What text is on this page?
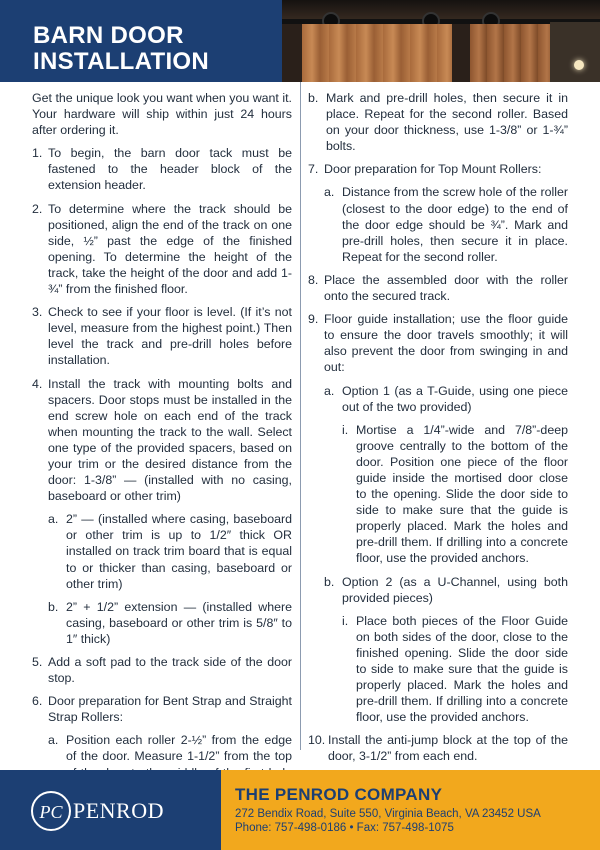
BARN DOOR
INSTALLATION

Get the unique look you want when you want it. Your hardware will ship within just 24 hours after ordering it.

1. To begin, the barn door tack must be fastened to the header block of the extension header.

2. To determine where the track should be positioned, align the end of the track on one side, ½” past the edge of the finished opening. To determine the height of the track, take the height of the door and add 1-¾” from the finished floor.

3. Check to see if your floor is level. (If it’s not level, measure from the highest point.) Then level the track and pre-drill holes before installation.

4. Install the track with mounting bolts and spacers. Door stops must be installed in the end screw hole on each end of the track when mounting the track to the wall. Select one type of the provided spacers, based on your trim or the desired distance from the door: 1-3/8” — (installed with no casing, baseboard or other trim)

a. 2” — (installed where casing, baseboard or other trim is up to 1/2″ thick OR installed on track trim board that is equal to or thicker than casing, baseboard or other trim)

b. 2” + 1/2” extension — (installed where casing, baseboard or other trim is 5/8″ to 1″ thick)

5. Add a soft pad to the track side of the door stop.

6. Door preparation for Bent Strap and Straight Strap Rollers:

a. Position each roller 2-½” from the edge of the door. Measure 1-1/2” from the top

b. Mark and pre-drill holes, then secure it in place. Repeat for the second roller. Based on your door thickness, use 1-3/8” or 1-¾” bolts.

7. Door preparation for Top Mount Rollers:

a. Distance from the screw hole of the roller (closest to the door edge) to the end of the door edge should be ¾”. Mark and pre-drill holes, then secure it in place. Repeat for the second roller.

8. Place the assembled door with the roller onto the secured track.

9. Floor guide installation; use the floor guide to ensure the door travels smoothly; it will also prevent the door from swinging in and out:

a. Option 1 (as a T-Guide, using one piece out of the two provided)

i. Mortise a 1/4”-wide and 7/8”-deep groove centrally to the bottom of the door. Position one piece of the floor guide inside the mortised door close to the opening. Slide the door side to side to make sure that the guide is properly placed. Mark the holes and pre-drill them. If drilling into a concrete floor, use the provided anchors.

b. Option 2 (as a U-Channel, using both provided pieces)

i. Place both pieces of the Floor Guide on both sides of the door, close to the finished opening. Slide the door side to side to make sure that the guide is properly placed. Mark the holes and pre-drill them. If drilling into a concrete floor, use the provided anchors.

10. Install the anti-jump block at the top of the door, 3-1/2” from each end.

PC PENROD
THE PENROD COMPANY
272 Bendix Road, Suite 550, Virginia Beach, VA 23452 USA
Phone: 757-498-0186 • Fax: 757-498-1075
